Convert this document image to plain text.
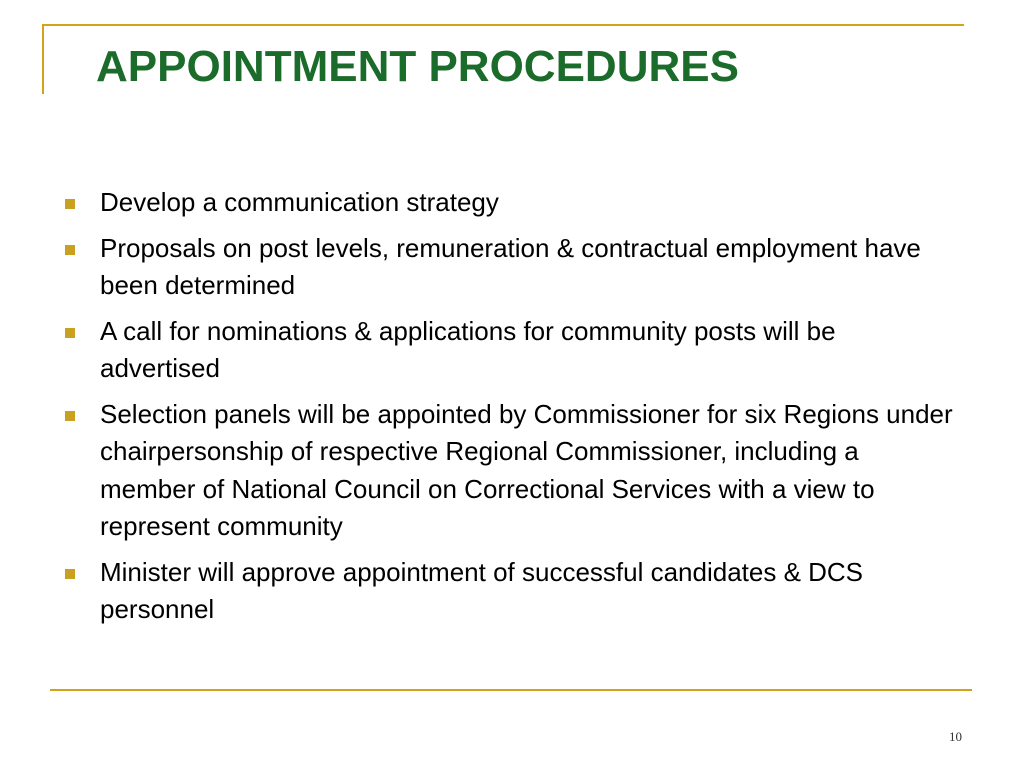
APPOINTMENT PROCEDURES
Develop a communication strategy
Proposals on post levels, remuneration & contractual employment have been determined
A call for nominations & applications for community posts will be advertised
Selection panels will be appointed by Commissioner for six Regions under chairpersonship of respective Regional Commissioner, including a member of National Council on Correctional Services with a view to represent community
Minister will approve appointment of successful candidates & DCS personnel
10
